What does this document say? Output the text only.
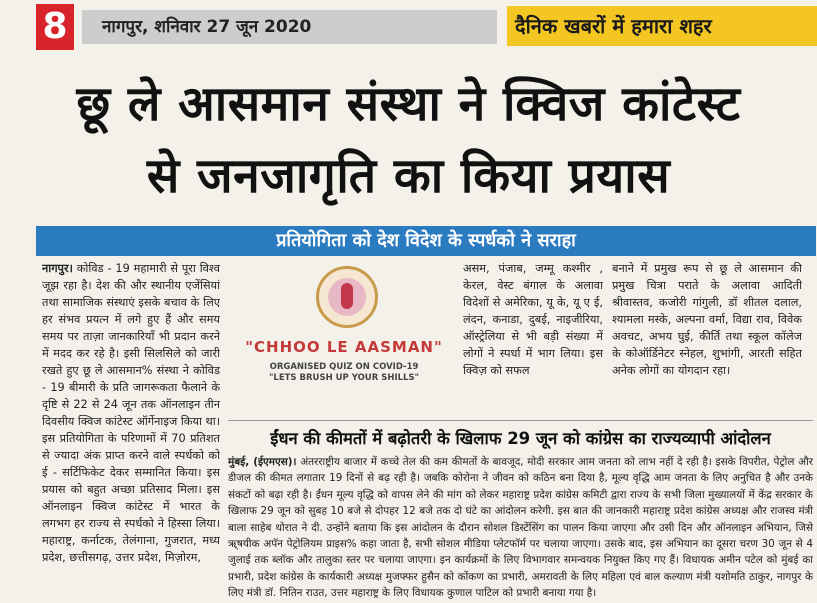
8	नागपुर, शनिवार 27 जून 2020	दैनिक खबरों में हमारा शहर
छू ले आसमान संस्था ने क्विज कांटेस्ट
से जनजागृति का किया प्रयास
प्रतियोगिता को देश विदेश के स्पर्धको ने सराहा
नागपुर। कोविड - 19 महामारी से पूरा विश्व जूझ रहा है। देश की और स्थानीय एजेंसियां तथा सामाजिक संस्थाएं इसके बचाव के लिए हर संभव प्रयत्न में लगे हुए हैं और समय समय पर ताज़ा जानकारियाँ भी प्रदान करने में मदद कर रहे है। इसी सिलसिले को जारी रखते हुए छू ले आसमान% संस्था ने कोविड - 19 बीमारी के प्रति जागरूकता फैलाने के दृष्टि से 22 से 24 जून तक ऑनलाइन तीन दिवसीय क्विज कांटेस्ट ऑर्गेनाइज किया था। इस प्रतियोगिता के परिणामों में 70 प्रतिशत से ज्यादा अंक प्राप्त करने वाले स्पर्धको को ई - सर्टिफिकेट देकर सम्मानित किया। इस प्रयास को बहुत अच्छा प्रतिसाद मिला। इस ऑनलाइन क्विज कांटेस्ट में भारत के लगभग हर राज्य से स्पर्धको ने हिस्सा लिया। महाराष्ट्र, कर्नाटक, तेलंगाना, गुजरात, मध्य प्रदेश, छत्तीसगढ़, उत्तर प्रदेश, मिज़ोरम,
"CHHOO LE AASMAN"
ORGANISED QUIZ ON COVID-19
"LETS BRUSH UP YOUR SHILLS"
असम, पंजाब, जम्मू कश्मीर , केरल, वेस्ट बंगाल के अलावा विदेशों से अमेरिका, यू के, यू ए ई, लंदन, कनाडा, दुबई, नाइजीरिया, ऑस्ट्रेलिया से भी बड़ी संख्या में लोगों ने स्पर्धा में भाग लिया। इस क्विज़ को सफल
बनाने में प्रमुख रूप से छू ले आसमान की प्रमुख चित्रा पराते के अलावा आदिती श्रीवास्तव, कजोरी गांगुली, डॉ शीतल दलाल, श्यामला मस्के, अल्पना वर्मा, विद्या राव, विवेक अवचट, अभय घुई, कीर्ति तथा स्कूल कॉलेज के कोऑर्डिनेटर स्नेहल, शुभांगी, आरती सहित अनेक लोगों का योगदान रहा।
ईंधन की कीमतों में बढ़ोतरी के खिलाफ 29 जून को कांग्रेस का राज्यव्यापी आंदोलन
मुंबई, (ईएमएस)। अंतरराष्ट्रीय बाजार में कच्चे तेल की कम कीमतों के बावजूद, मोदी सरकार आम जनता को लाभ नहीं दे रही है। इसके विपरीत, पेट्रोल और डीजल की कीमत लगातार 19 दिनों से बढ़ रही है। जबकि कोरोना ने जीवन को कठिन बना दिया है, मूल्य वृद्धि आम जनता के लिए अनुचित है और उनके संकटों को बढ़ा रही है। ईंधन मूल्य वृद्धि को वापस लेने की मांग को लेकर महाराष्ट्र प्रदेश कांग्रेस कमिटी द्वारा राज्य के सभी जिला मुख्यालयों में केंद्र सरकार के खिलाफ 29 जून को सुबह 10 बजे से दोपहर 12 बजे तक दो घंटे का आंदोलन करेगी. इस बात की जानकारी महाराष्ट्र प्रदेश कांग्रेस अध्यक्ष और राजस्व मंत्री बाला साहेब थोरात ने दी. उन्होंने बताया कि इस आंदोलन के दौरान सोशल डिस्टेंसिंग का पालन किया जाएगा और उसी दिन और ऑनलाइन अभियान, जिसे ऋ्षयीक अपॅन पेट्रोलियम प्राइस% कहा जाता है, सभी सोशल मीडिया प्लेटफॉर्म पर चलाया जाएगा। उसके बाद, इस अभियान का दूसरा चरण 30 जून से 4 जुलाई तक ब्लॉक और तालुका स्तर पर चलाया जाएगा। इन कार्यक्रमों के लिए विभागवार समन्वयक नियुक्त किए गए हैं। विधायक अमीन पटेल को मुंबई का प्रभारी, प्रदेश कांग्रेस के कार्यकारी अध्यक्ष मुजफ्फर हुसैन को कोंकण का प्रभारी, अमरावती के लिए महिला एवं बाल कल्याण मंत्री यशोमति ठाकुर, नागपुर के लिए मंत्री डॉ. नितिन राउत, उत्तर महाराष्ट्र के लिए विधायक कुणाल पाटिल को प्रभारी बनाया गया है।
